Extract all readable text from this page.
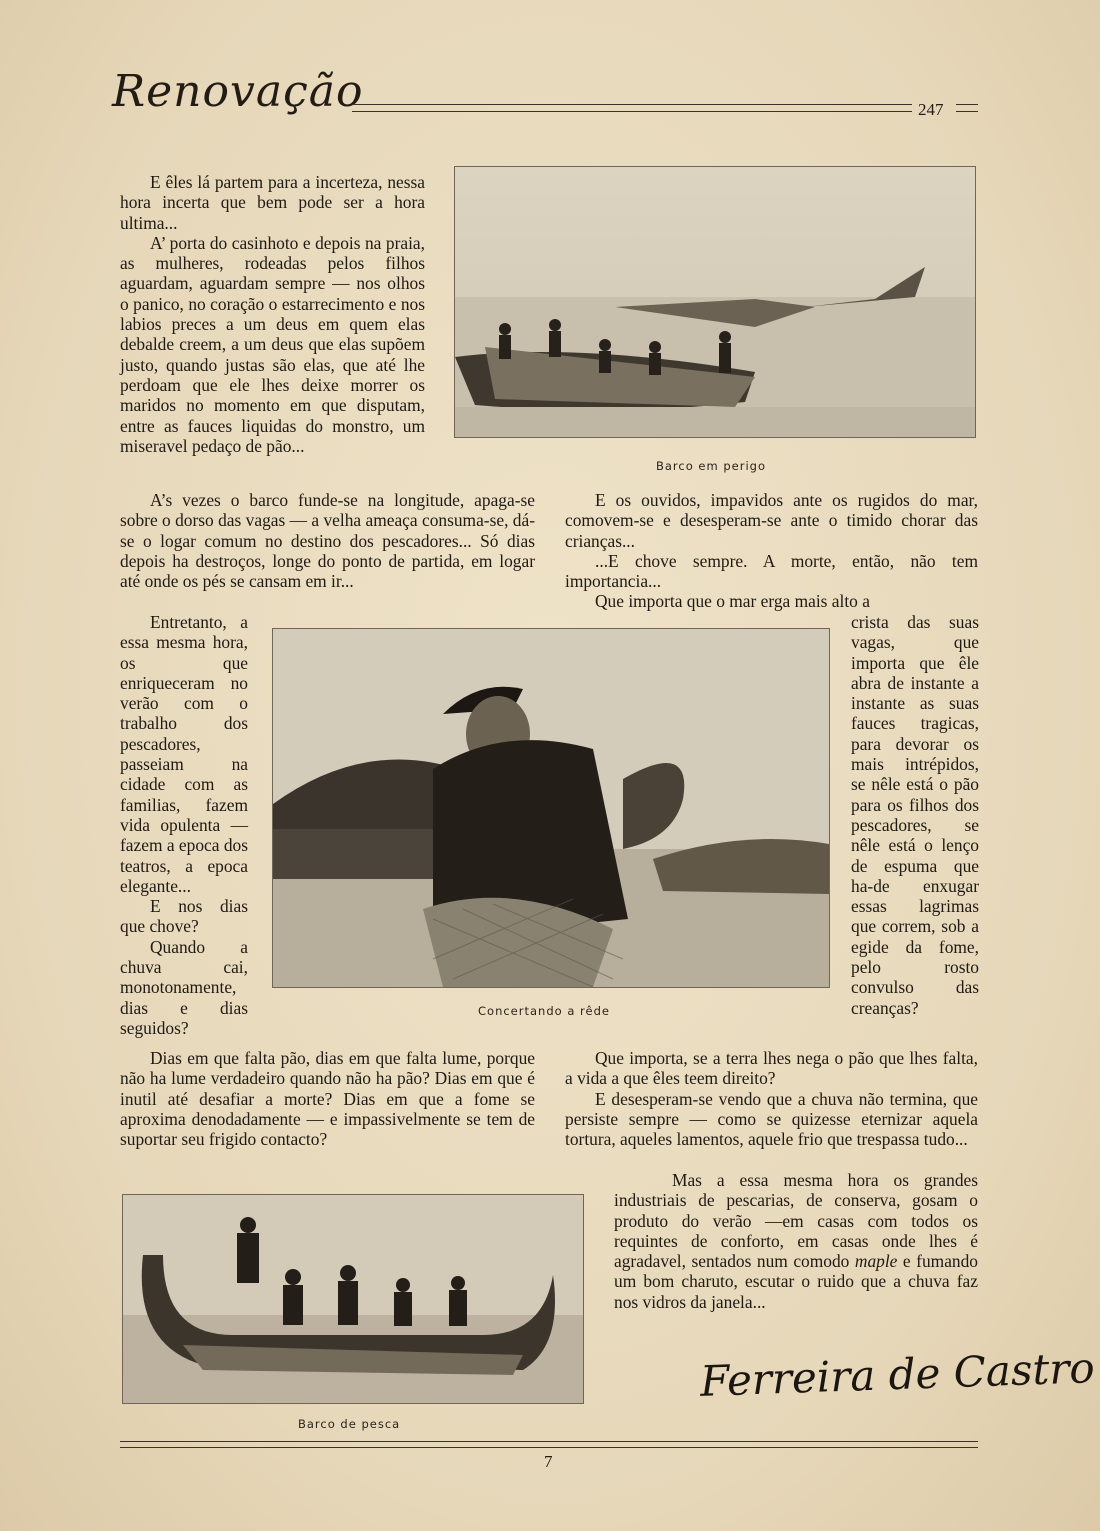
Renovação	247

E êles lá partem para a incerteza, nessa hora incerta que bem pode ser a hora ultima...

A’ porta do casinhoto e depois na praia, as mulheres, rodeadas pelos filhos aguardam, aguardam sempre — nos olhos o panico, no coração o estarrecimento e nos labios preces a um deus em quem elas debalde creem, a um deus que elas supõem justo, quando justas são elas, que até lhe perdoam que ele lhes deixe morrer os maridos no momento em que disputam, entre as fauces liquidas do monstro, um miseravel pedaço de pão...

Barco em perigo

A’s vezes o barco funde-se na longitude, apaga-se sobre o dorso das vagas — a velha ameaça consuma-se, dá-se o logar comum no destino dos pescadores... Só dias depois ha destroços, longe do ponto de partida, em logar até onde os pés se cansam em ir...

E os ouvidos, impavidos ante os rugidos do mar, comovem-se e desesperam-se ante o timido chorar das crianças...

...E chove sempre. A morte, então, não tem importancia...

Que importa que o mar erga mais alto a

Entretanto, a essa mesma hora, os que enriqueceram no verão com o trabalho dos pescadores, passeiam na cidade com as familias, fazem vida opulenta —fazem a epoca dos teatros, a epoca elegante...

E nos dias que chove?

Quando a chuva cai, monotonamente, dias e dias seguidos?

Concertando a rêde

crista das suas vagas, que importa que êle abra de instante a instante as suas fauces tragicas, para devorar os mais intrépidos, se nêle está o pão para os filhos dos pescadores, se nêle está o lenço de espuma que ha-de enxugar essas lagrimas que correm, sob a egide da fome, pelo rosto convulso das creanças?

Dias em que falta pão, dias em que falta lume, porque não ha lume verdadeiro quando não ha pão? Dias em que é inutil até desafiar a morte? Dias em que a fome se aproxima denodadamente — e impassivelmente se tem de suportar seu frigido contacto?

Que importa, se a terra lhes nega o pão que lhes falta, a vida a que êles teem direito?

E desesperam-se vendo que a chuva não termina, que persiste sempre — como se quizesse eternizar aquela tortura, aqueles lamentos, aquele frio que trespassa tudo...

Mas a essa mesma hora os grandes industriais de pescarias, de conserva, gosam o produto do verão —em casas com todos os requintes de conforto, em casas onde lhes é agradavel, sentados num comodo maple e fumando um bom charuto, escutar o ruido que a chuva faz nos vidros da janela...

Ferreira de Castro
Barco de pesca
7
